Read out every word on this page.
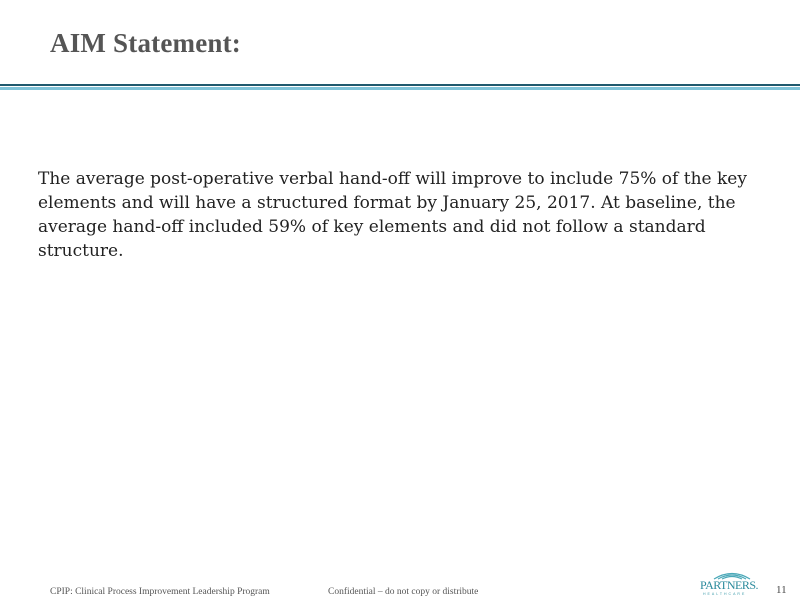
AIM Statement:
The average post-operative verbal hand-off will improve to include 75% of the key elements and will have a structured format by January 25, 2017. At baseline, the average hand-off included 59% of key elements and did not follow a standard structure.
CPIP: Clinical Process Improvement Leadership Program	Confidential – do not copy or distribute	PARTNERS.
HEALTHCARE	11
